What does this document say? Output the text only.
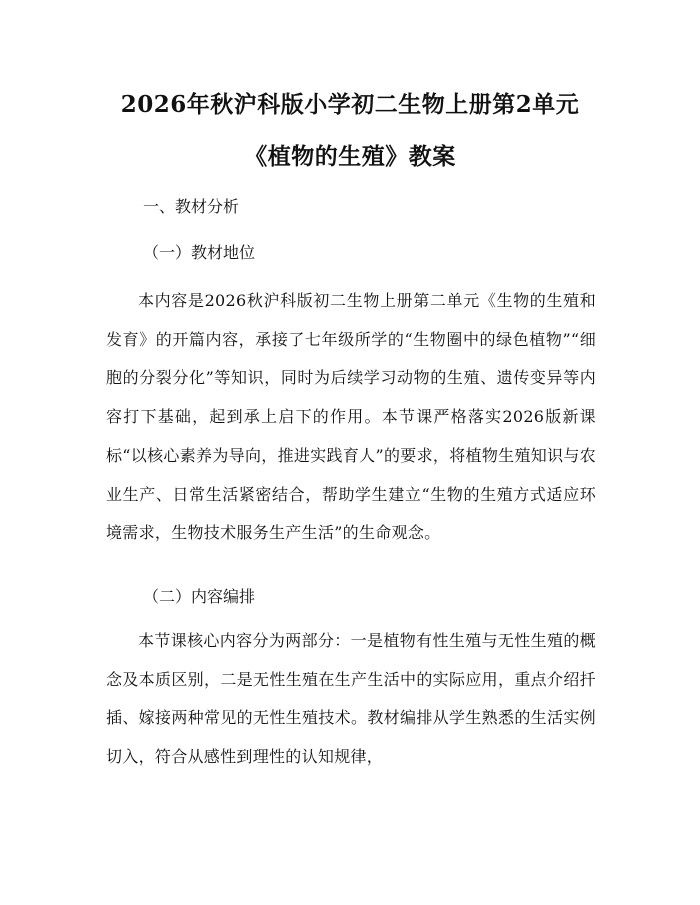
2026年秋沪科版小学初二生物上册第2单元
《植物的生殖》教案
一、教材分析
（一）教材地位
本内容是2026秋沪科版初二生物上册第二单元《生物的生殖和发育》的开篇内容，承接了七年级所学的“生物圈中的绿色植物”“细胞的分裂分化”等知识，同时为后续学习动物的生殖、遗传变异等内容打下基础，起到承上启下的作用。本节课严格落实2026版新课标“以核心素养为导向，推进实践育人”的要求，将植物生殖知识与农业生产、日常生活紧密结合，帮助学生建立“生物的生殖方式适应环境需求，生物技术服务生产生活”的生命观念。
（二）内容编排
本节课核心内容分为两部分：一是植物有性生殖与无性生殖的概念及本质区别，二是无性生殖在生产生活中的实际应用，重点介绍扦插、嫁接两种常见的无性生殖技术。教材编排从学生熟悉的生活实例切入，符合从感性到理性的认知规律，
